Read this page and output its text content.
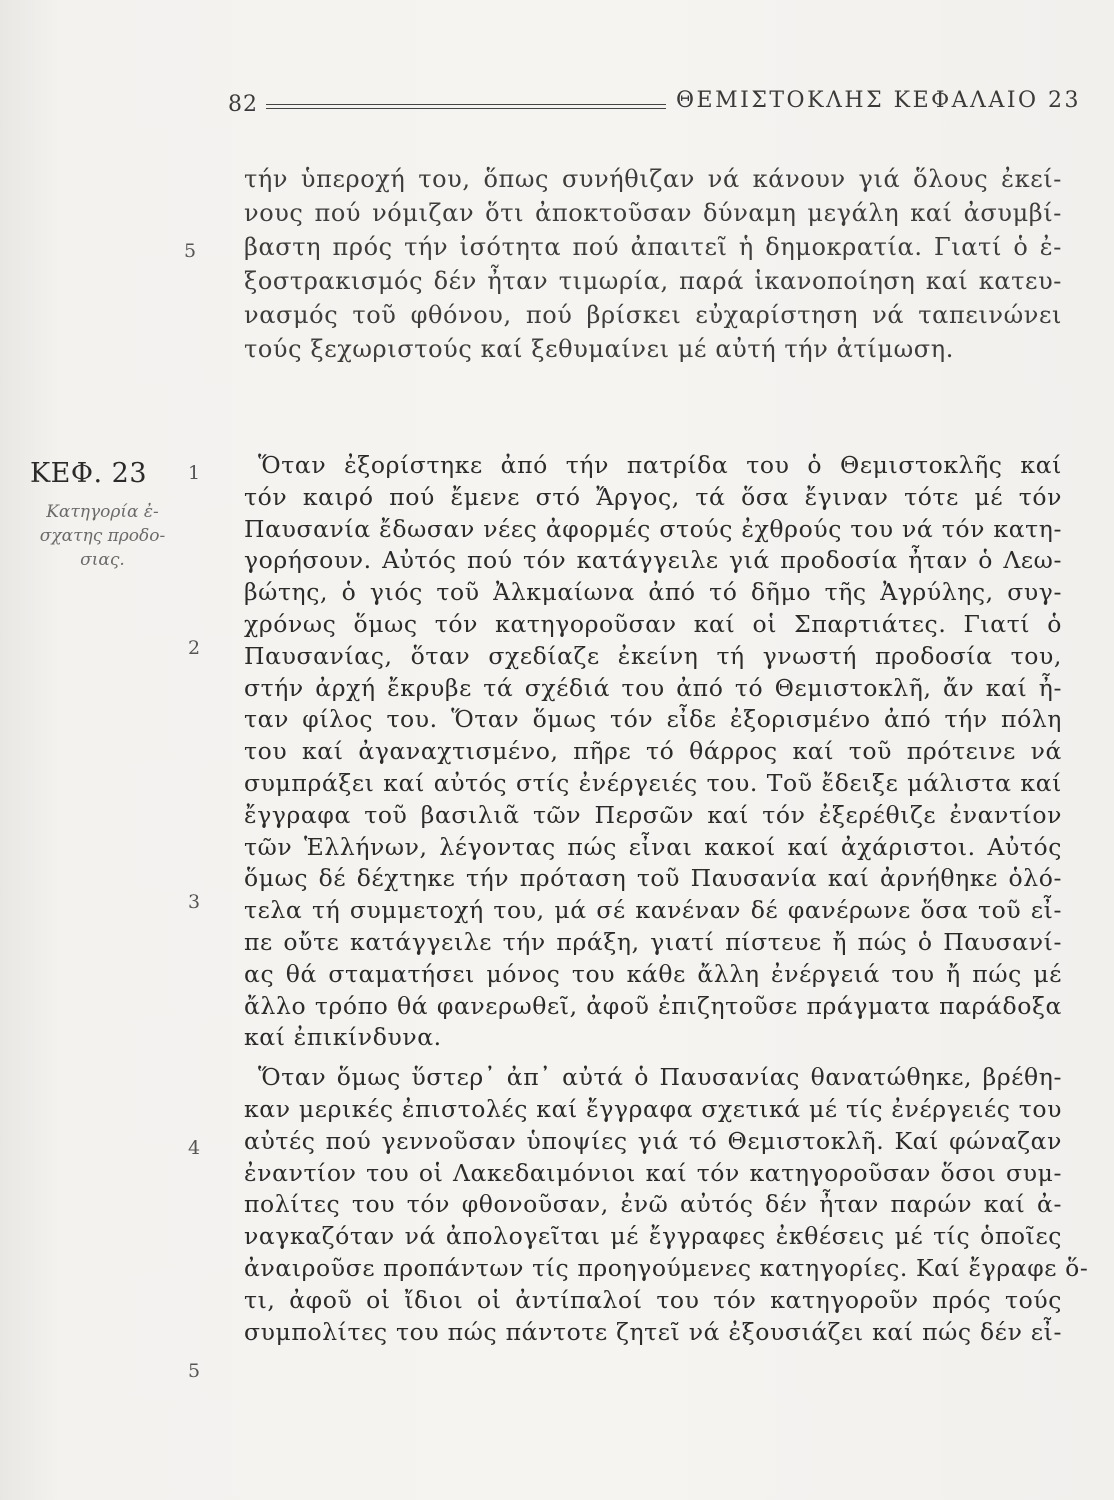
82	ΘΕΜΙΣΤΟΚΛΗΣ ΚΕΦΑΛΑΙΟ 23
5
τήν ὑπεροχή του, ὅπως συνήθιζαν νά κάνουν γιά ὅλους ἐκεί-
νους πού νόμιζαν ὅτι ἀποκτοῦσαν δύναμη μεγάλη καί ἀσυμβί-
βαστη πρός τήν ἰσότητα πού ἀπαιτεῖ ἡ δημοκρατία. Γιατί ὁ ἐ-
ξοστρακισμός δέν ἦταν τιμωρία, παρά ἱκανοποίηση καί κατευ-
νασμός τοῦ φθόνου, πού βρίσκει εὐχαρίστηση νά ταπεινώνει
τούς ξεχωριστούς καί ξεθυμαίνει μέ αὐτή τήν ἀτίμωση.
ΚΕΦ. 23
Κατηγορία ἐ-
σχατης προδο-
σιας.
1
2
3
4
5
Ὅταν ἐξορίστηκε ἀπό τήν πατρίδα του ὁ Θεμιστοκλῆς καί
τόν καιρό πού ἔμενε στό Ἄργος, τά ὅσα ἔγιναν τότε μέ τόν
Παυσανία ἔδωσαν νέες ἀφορμές στούς ἐχθρούς του νά τόν κατη-
γορήσουν. Αὐτός πού τόν κατάγγειλε γιά προδοσία ἦταν ὁ Λεω-
βώτης, ὁ γιός τοῦ Ἀλκμαίωνα ἀπό τό δῆμο τῆς Ἀγρύλης, συγ-
χρόνως ὅμως τόν κατηγοροῦσαν καί οἱ Σπαρτιάτες. Γιατί ὁ
Παυσανίας, ὅταν σχεδίαζε ἐκείνη τή γνωστή προδοσία του,
στήν ἀρχή ἔκρυβε τά σχέδιά του ἀπό τό Θεμιστοκλῆ, ἄν καί ἦ-
ταν φίλος του. Ὅταν ὅμως τόν εἶδε ἐξορισμένο ἀπό τήν πόλη
του καί ἀγαναχτισμένο, πῆρε τό θάρρος καί τοῦ πρότεινε νά
συμπράξει καί αὐτός στίς ἐνέργειές του. Τοῦ ἔδειξε μάλιστα καί
ἔγγραφα τοῦ βασιλιᾶ τῶν Περσῶν καί τόν ἐξερέθιζε ἐναντίον
τῶν Ἑλλήνων, λέγοντας πώς εἶναι κακοί καί ἀχάριστοι. Αὐτός
ὅμως δέ δέχτηκε τήν πρόταση τοῦ Παυσανία καί ἀρνήθηκε ὁλό-
τελα τή συμμετοχή του, μά σέ κανέναν δέ φανέρωνε ὅσα τοῦ εἶ-
πε οὔτε κατάγγειλε τήν πράξη, γιατί πίστευε ἤ πώς ὁ Παυσανί-
ας θά σταματήσει μόνος του κάθε ἄλλη ἐνέργειά του ἤ πώς μέ
ἄλλο τρόπο θά φανερωθεῖ, ἀφοῦ ἐπιζητοῦσε πράγματα παράδοξα
καί ἐπικίνδυνα.
Ὅταν ὅμως ὕστερ᾽ ἀπ᾽ αὐτά ὁ Παυσανίας θανατώθηκε, βρέθη-
καν μερικές ἐπιστολές καί ἔγγραφα σχετικά μέ τίς ἐνέργειές του
αὐτές πού γεννοῦσαν ὑποψίες γιά τό Θεμιστοκλῆ. Καί φώναζαν
ἐναντίον του οἱ Λακεδαιμόνιοι καί τόν κατηγοροῦσαν ὅσοι συμ-
πολίτες του τόν φθονοῦσαν, ἐνῶ αὐτός δέν ἦταν παρών καί ἀ-
ναγκαζόταν νά ἀπολογεῖται μέ ἔγγραφες ἐκθέσεις μέ τίς ὁποῖες
ἀναιροῦσε προπάντων τίς προηγούμενες κατηγορίες. Καί ἔγραφε ὅ-
τι, ἀφοῦ οἱ ἴδιοι οἱ ἀντίπαλοί του τόν κατηγοροῦν πρός τούς
συμπολίτες του πώς πάντοτε ζητεῖ νά ἐξουσιάζει καί πώς δέν εἶ-
